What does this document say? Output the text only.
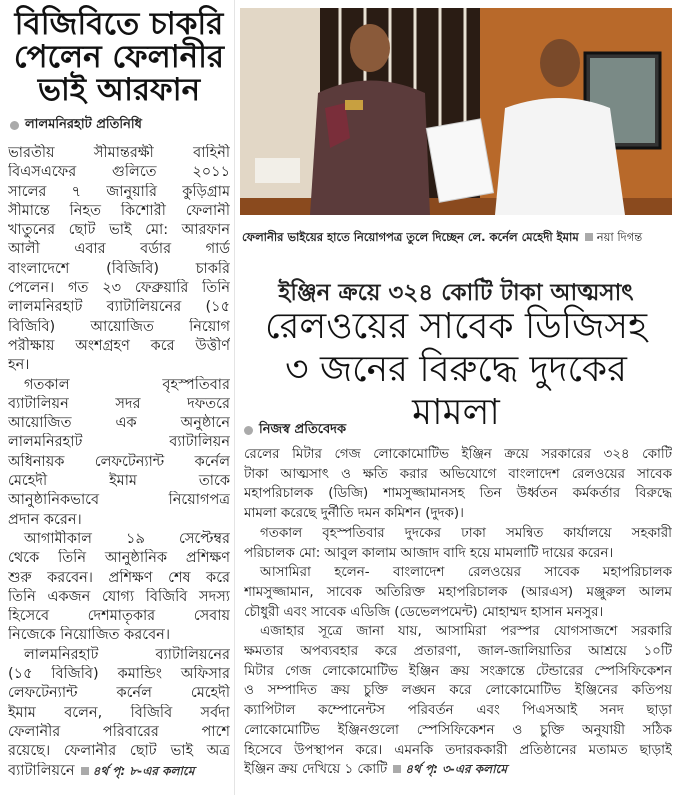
বিজিবিতে চাকরি
পেলেন ফেলানীর
ভাই আরফান
লালমনিরহাট প্রতিনিধি
ভারতীয় সীমান্তরক্ষী বাহিনী
বিএসএফের গুলিতে ২০১১
সালের ৭ জানুয়ারি কুড়িগ্রাম
সীমান্তে নিহত কিশোরী ফেলানী
খাতুনের ছোট ভাই মো: আরফান
আলী এবার বর্ডার গার্ড
বাংলাদেশে (বিজিবি) চাকরি
পেলেন। গত ২৩ ফেব্রুয়ারি তিনি
লালমনিরহাট ব্যাটালিয়নের (১৫
বিজিবি) আয়োজিত নিয়োগ
পরীক্ষায় অংশগ্রহণ করে উত্তীর্ণ
হন।
গতকাল বৃহস্পতিবার
ব্যাটালিয়ন সদর দফতরে
আয়োজিত এক অনুষ্ঠানে
লালমনিরহাট ব্যাটালিয়ন
অধিনায়ক লেফটেন্যান্ট কর্নেল
মেহেদী ইমাম তাকে
আনুষ্ঠানিকভাবে নিয়োগপত্র
প্রদান করেন।
আগামীকাল ১৯ সেপ্টেম্বর
থেকে তিনি আনুষ্ঠানিক প্রশিক্ষণ
শুরু করবেন। প্রশিক্ষণ শেষ করে
তিনি একজন যোগ্য বিজিবি সদস্য
হিসেবে দেশমাতৃকার সেবায়
নিজেকে নিয়োজিত করবেন।
লালমনিরহাট ব্যাটালিয়নের
(১৫ বিজিবি) কমান্ডিং অফিসার
লেফটেন্যান্ট কর্নেল মেহেদী
ইমাম বলেন, বিজিবি সর্বদা
ফেলানীর পরিবারের পাশে
রয়েছে। ফেলানীর ছোট ভাই অত্র
ব্যাটালিয়নে ৪র্থ পৃ: ৮-এর কলামে
ফেলানীর ভাইয়ের হাতে নিয়োগপত্র তুলে দিচ্ছেন লে. কর্নেল মেহেদী ইমাম নয়া দিগন্ত
ইঞ্জিন ক্রয়ে ৩২৪ কোটি টাকা আত্মসাৎ
রেলওয়ের সাবেক ডিজিসহ
৩ জনের বিরুদ্ধে দুদকের মামলা
নিজস্ব প্রতিবেদক
রেলের মিটার গেজ লোকোমোটিভ ইঞ্জিন ক্রয়ে সরকারের ৩২৪ কোটি
টাকা আত্মসাৎ ও ক্ষতি করার অভিযোগে বাংলাদেশ রেলওয়ের সাবেক
মহাপরিচালক (ডিজি) শামসুজ্জামানসহ তিন উর্ধ্বতন কর্মকর্তার বিরুদ্ধে
মামলা করেছে দুর্নীতি দমন কমিশন (দুদক)।
গতকাল বৃহস্পতিবার দুদকের ঢাকা সমন্বিত কার্যালয়ে সহকারী
পরিচালক মো: আবুল কালাম আজাদ বাদি হয়ে মামলাটি দায়ের করেন।
আসামিরা হলেন- বাংলাদেশ রেলওয়ের সাবেক মহাপরিচালক
শামসুজ্জামান, সাবেক অতিরিক্ত মহাপরিচালক (আরএস) মঞ্জুরুল আলম
চৌধুরী এবং সাবেক এডিজি (ডেভেলপমেন্ট) মোহাম্মদ হাসান মনসুর।
এজাহার সূত্রে জানা যায়, আসামিরা পরস্পর যোগসাজশে সরকারি
ক্ষমতার অপব্যবহার করে প্রতারণা, জাল-জালিয়াতির আশ্রয়ে ১০টি
মিটার গেজ লোকোমোটিভ ইঞ্জিন ক্রয় সংক্রান্তে টেন্ডারের স্পেসিফিকেশন
ও সম্পাদিত ক্রয় চুক্তি লঙ্ঘন করে লোকোমোটিভ ইঞ্জিনের কতিপয়
ক্যাপিটাল কম্পোনেন্টস পরিবর্তন এবং পিএসআই সনদ ছাড়া
লোকোমোটিভ ইঞ্জিনগুলো স্পেসিফিকেশন ও চুক্তি অনুযায়ী সঠিক
হিসেবে উপস্থাপন করে। এমনকি তদারককারী প্রতিষ্ঠানের মতামত ছাড়াই
ইঞ্জিন ক্রয় দেখিয়ে ১ কোটি ৪র্থ পৃ: ৩-এর কলামে
